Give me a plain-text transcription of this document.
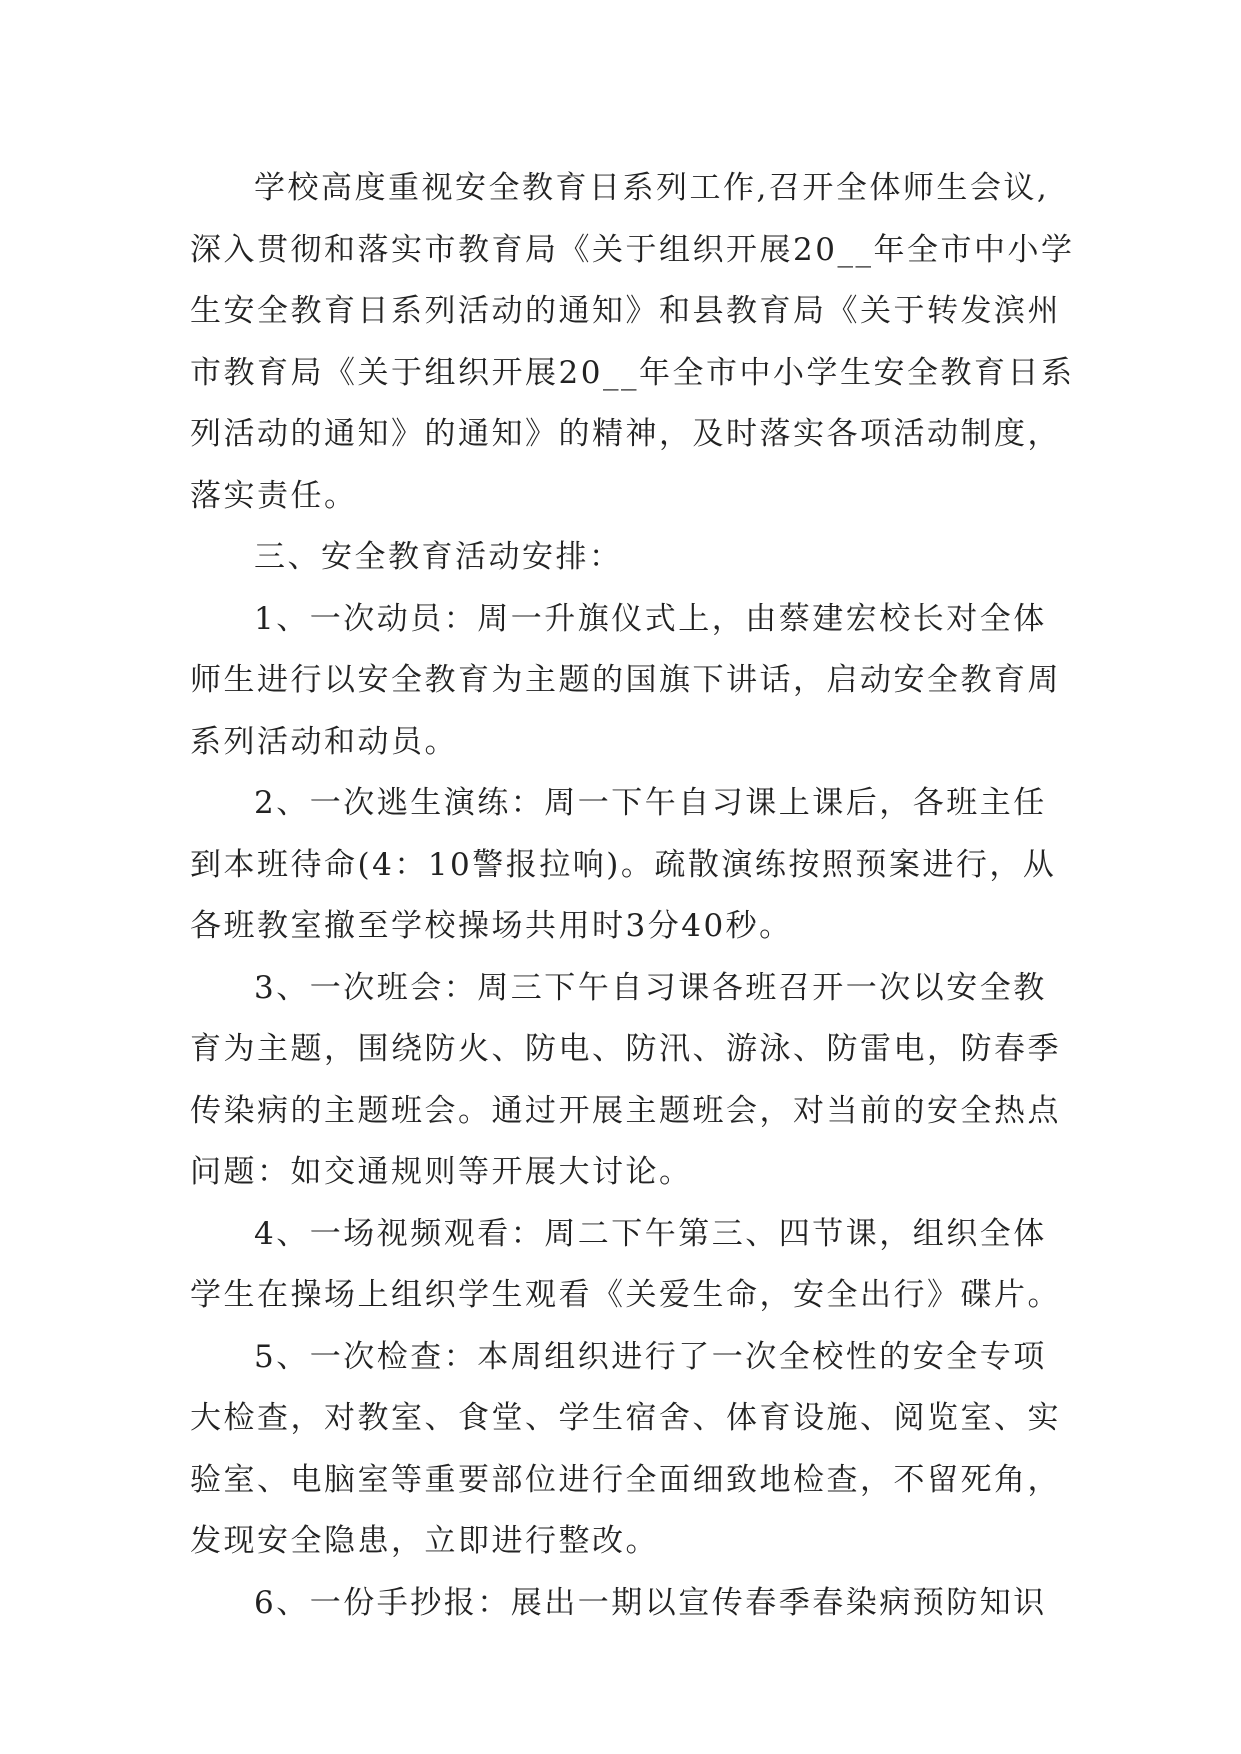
学校高度重视安全教育日系列工作,召开全体师生会议,
深入贯彻和落实市教育局《关于组织开展20__年全市中小学
生安全教育日系列活动的通知》和县教育局《关于转发滨州
市教育局《关于组织开展20__年全市中小学生安全教育日系
列活动的通知》的通知》的精神，及时落实各项活动制度，
落实责任。
三、安全教育活动安排：
1、一次动员：周一升旗仪式上，由蔡建宏校长对全体
师生进行以安全教育为主题的国旗下讲话，启动安全教育周
系列活动和动员。
2、一次逃生演练：周一下午自习课上课后，各班主任
到本班待命(4：10警报拉响)。疏散演练按照预案进行，从
各班教室撤至学校操场共用时3分40秒。
3、一次班会：周三下午自习课各班召开一次以安全教
育为主题，围绕防火、防电、防汛、游泳、防雷电，防春季
传染病的主题班会。通过开展主题班会，对当前的安全热点
问题：如交通规则等开展大讨论。
4、一场视频观看：周二下午第三、四节课，组织全体
学生在操场上组织学生观看《关爱生命，安全出行》碟片。
5、一次检查：本周组织进行了一次全校性的安全专项
大检查，对教室、食堂、学生宿舍、体育设施、阅览室、实
验室、电脑室等重要部位进行全面细致地检查，不留死角，
发现安全隐患，立即进行整改。
6、一份手抄报：展出一期以宣传春季春染病预防知识
